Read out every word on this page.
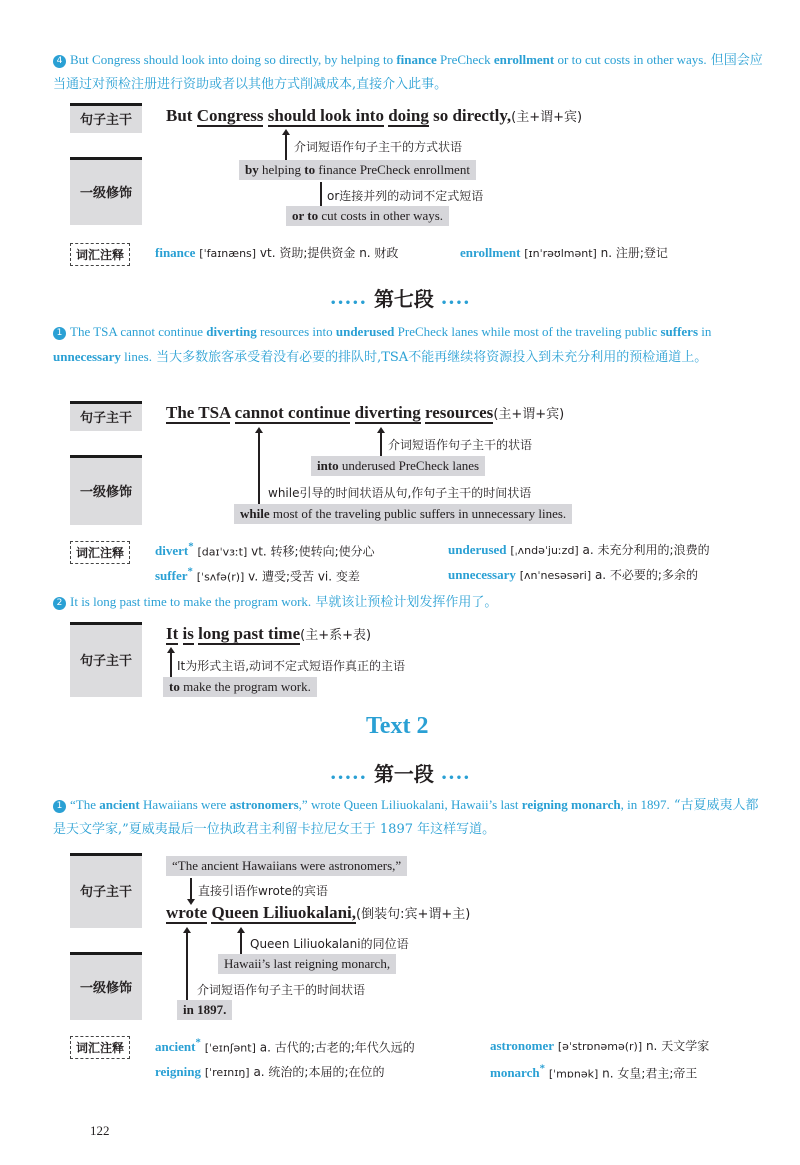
4 But Congress should look into doing so directly, by helping to finance PreCheck enrollment or to cut costs in other ways. 但国会应当通过对预检注册进行资助或者以其他方式削减成本,直接介入此事。
句子主干
一级修饰
But Congress should look into doing so directly,(主+谓+宾)
介词短语作句子主干的方式状语
by helping to finance PreCheck enrollment
or连接并列的动词不定式短语
or to cut costs in other ways.
词汇注释	finance [ˈfaɪnæns] vt. 资助;提供资金 n. 财政	enrollment [ɪnˈrəʊlmənt] n. 注册;登记
••••• 第七段 ••••
1 The TSA cannot continue diverting resources into underused PreCheck lanes while most of the traveling public suffers in unnecessary lines. 当大多数旅客承受着没有必要的排队时,TSA不能再继续将资源投入到未充分利用的预检通道上。
句子主干
一级修饰
The TSA cannot continue diverting resources(主+谓+宾)
介词短语作句子主干的状语
into underused PreCheck lanes
while引导的时间状语从句,作句子主干的时间状语
while most of the traveling public suffers in unnecessary lines.
词汇注释	divert* [daɪˈvɜːt] vt. 转移;使转向;使分心	underused [ˌʌndəˈjuːzd] a. 未充分利用的;浪费的
suffer* [ˈsʌfə(r)] v. 遭受;受苦 vi. 变差	unnecessary [ʌnˈnesəsəri] a. 不必要的;多余的
2 It is long past time to make the program work. 早就该让预检计划发挥作用了。
句子主干
It is long past time(主+系+表)
It为形式主语,动词不定式短语作真正的主语
to make the program work.
Text 2
••••• 第一段 ••••
1 “The ancient Hawaiians were astronomers,” wrote Queen Liliuokalani, Hawaii’s last reigning monarch, in 1897. “古夏威夷人都是天文学家,”夏威夷最后一位执政君主利留卡拉尼女王于 1897 年这样写道。
句子主干
一级修饰
“The ancient Hawaiians were astronomers,”
直接引语作wrote的宾语
wrote Queen Liliuokalani,(倒装句:宾+谓+主)
Queen Liliuokalani的同位语
Hawaii’s last reigning monarch,
介词短语作句子主干的时间状语
in 1897.
词汇注释	ancient* [ˈeɪnʃənt] a. 古代的;古老的;年代久远的	astronomer [əˈstrɒnəmə(r)] n. 天文学家
reigning [ˈreɪnɪŋ] a. 统治的;本届的;在位的	monarch* [ˈmɒnək] n. 女皇;君主;帝王
122
